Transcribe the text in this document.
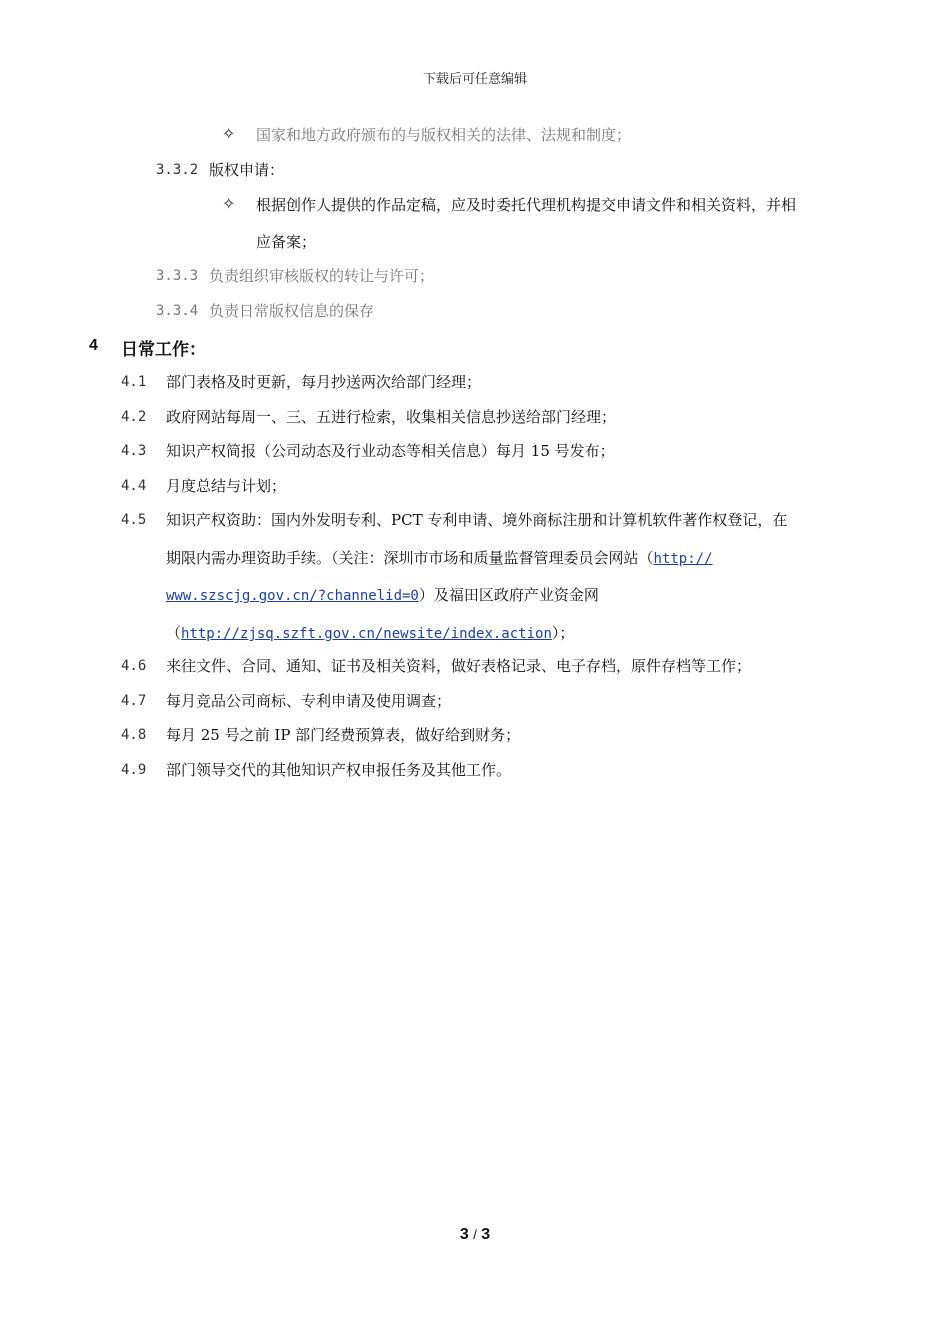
下载后可任意编辑
✧ 国家和地方政府颁布的与版权相关的法律、法规和制度；
3.3.2 版权申请：
✧ 根据创作人提供的作品定稿，应及时委托代理机构提交申请文件和相关资料，并相
应备案；
3.3.3 负责组织审核版权的转让与许可；
3.3.4 负责日常版权信息的保存
4 日常工作：
4.1 部门表格及时更新，每月抄送两次给部门经理；
4.2 政府网站每周一、三、五进行检索，收集相关信息抄送给部门经理；
4.3 知识产权简报（公司动态及行业动态等相关信息）每月 15 号发布；
4.4 月度总结与计划；
4.5 知识产权资助：国内外发明专利、PCT 专利申请、境外商标注册和计算机软件著作权登记，在
期限内需办理资助手续。（关注：深圳市市场和质量监督管理委员会网站（http://
www.szscjg.gov.cn/?channelid=0）及福田区政府产业资金网
（http://zjsq.szft.gov.cn/newsite/index.action）；
4.6 来往文件、合同、通知、证书及相关资料，做好表格记录、电子存档，原件存档等工作；
4.7 每月竞品公司商标、专利申请及使用调查；
4.8 每月 25 号之前 IP 部门经费预算表，做好给到财务；
4.9 部门领导交代的其他知识产权申报任务及其他工作。
3 / 3
